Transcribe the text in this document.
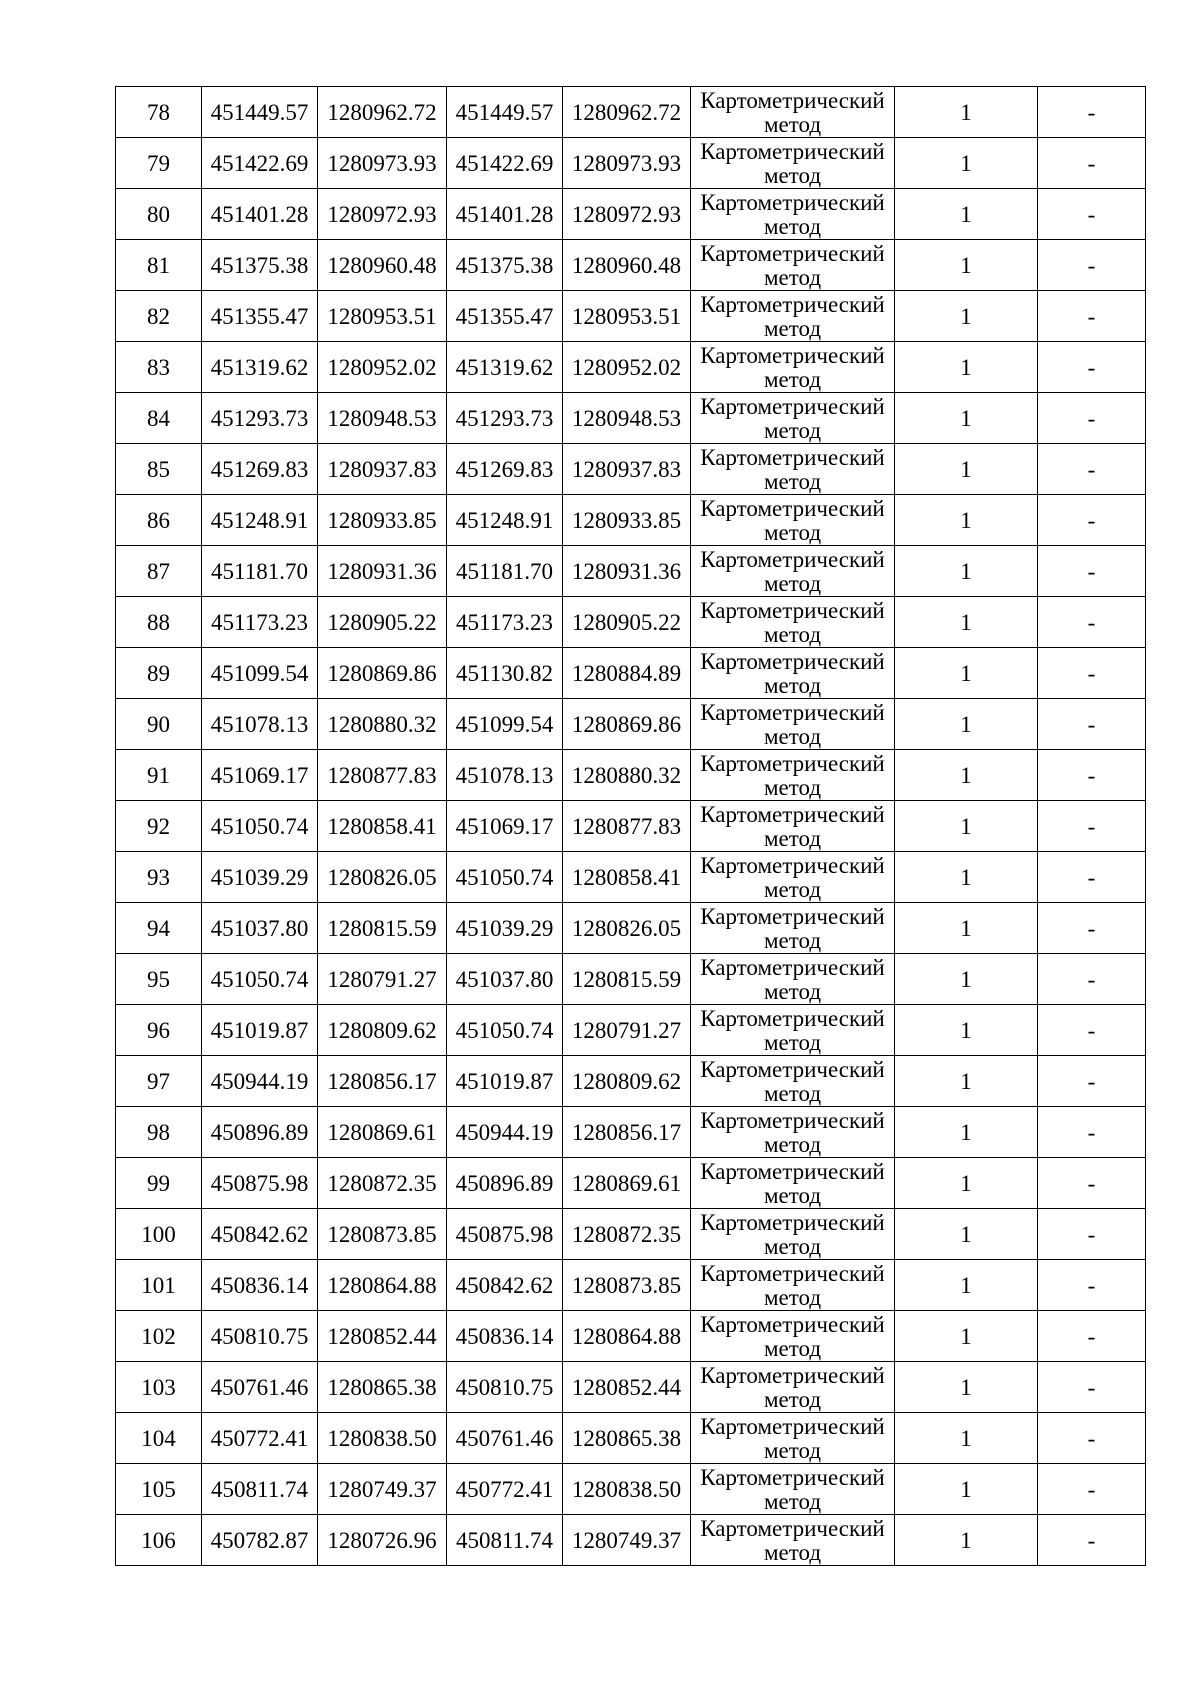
78	451449.57	1280962.72	451449.57	1280962.72	Картометрический
метод	1	-
79	451422.69	1280973.93	451422.69	1280973.93	Картометрический
метод	1	-
80	451401.28	1280972.93	451401.28	1280972.93	Картометрический
метод	1	-
81	451375.38	1280960.48	451375.38	1280960.48	Картометрический
метод	1	-
82	451355.47	1280953.51	451355.47	1280953.51	Картометрический
метод	1	-
83	451319.62	1280952.02	451319.62	1280952.02	Картометрический
метод	1	-
84	451293.73	1280948.53	451293.73	1280948.53	Картометрический
метод	1	-
85	451269.83	1280937.83	451269.83	1280937.83	Картометрический
метод	1	-
86	451248.91	1280933.85	451248.91	1280933.85	Картометрический
метод	1	-
87	451181.70	1280931.36	451181.70	1280931.36	Картометрический
метод	1	-
88	451173.23	1280905.22	451173.23	1280905.22	Картометрический
метод	1	-
89	451099.54	1280869.86	451130.82	1280884.89	Картометрический
метод	1	-
90	451078.13	1280880.32	451099.54	1280869.86	Картометрический
метод	1	-
91	451069.17	1280877.83	451078.13	1280880.32	Картометрический
метод	1	-
92	451050.74	1280858.41	451069.17	1280877.83	Картометрический
метод	1	-
93	451039.29	1280826.05	451050.74	1280858.41	Картометрический
метод	1	-
94	451037.80	1280815.59	451039.29	1280826.05	Картометрический
метод	1	-
95	451050.74	1280791.27	451037.80	1280815.59	Картометрический
метод	1	-
96	451019.87	1280809.62	451050.74	1280791.27	Картометрический
метод	1	-
97	450944.19	1280856.17	451019.87	1280809.62	Картометрический
метод	1	-
98	450896.89	1280869.61	450944.19	1280856.17	Картометрический
метод	1	-
99	450875.98	1280872.35	450896.89	1280869.61	Картометрический
метод	1	-
100	450842.62	1280873.85	450875.98	1280872.35	Картометрический
метод	1	-
101	450836.14	1280864.88	450842.62	1280873.85	Картометрический
метод	1	-
102	450810.75	1280852.44	450836.14	1280864.88	Картометрический
метод	1	-
103	450761.46	1280865.38	450810.75	1280852.44	Картометрический
метод	1	-
104	450772.41	1280838.50	450761.46	1280865.38	Картометрический
метод	1	-
105	450811.74	1280749.37	450772.41	1280838.50	Картометрический
метод	1	-
106	450782.87	1280726.96	450811.74	1280749.37	Картометрический
метод	1	-
